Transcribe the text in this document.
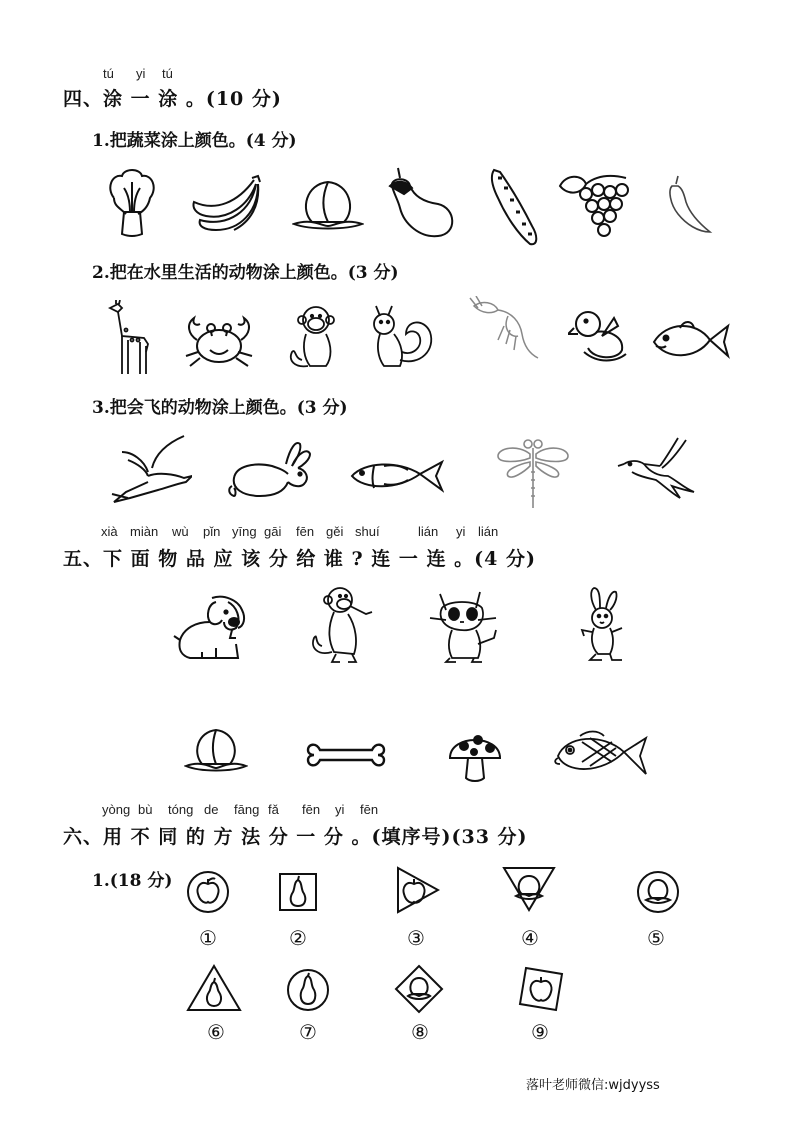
tú yi tú
四、涂 一 涂 。(10 分)
1.把蔬菜涂上颜色。(4 分)
2.把在水里生活的动物涂上颜色。(3 分)
3.把会飞的动物涂上颜色。(3 分)
xià miàn wù pǐn yīng gāi fēn gěi shuí	lián yi lián
五、下 面 物 品 应 该 分 给 谁 ? 连 一 连 。(4 分)
yòng bù tóng de fāng fǎ fēn yi fēn
六、用 不 同 的 方 法 分 一 分 。(填序号)(33 分)
1.(18 分)
①	②	③	④	⑤
⑥	⑦	⑧	⑨
落叶老师微信:wjdyyss
